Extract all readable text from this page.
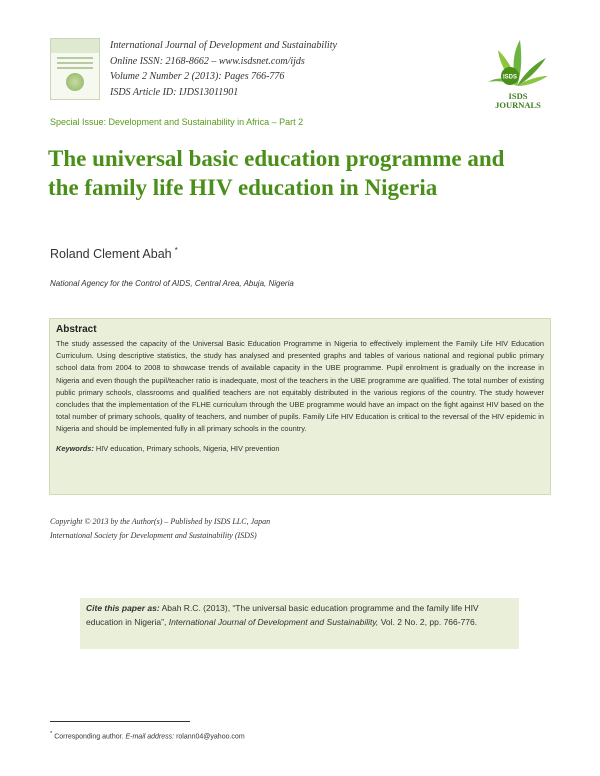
International Journal of Development and Sustainability
Online ISSN: 2168-8662 – www.isdsnet.com/ijds
Volume 2 Number 2 (2013): Pages 766-776
ISDS Article ID: IJDS13011901
ISDS
ISDS
JOURNALS
Special Issue: Development and Sustainability in Africa – Part 2
The universal basic education programme and the family life HIV education in Nigeria
Roland Clement Abah *
National Agency for the Control of AIDS, Central Area, Abuja, Nigeria
Abstract

The study assessed the capacity of the Universal Basic Education Programme in Nigeria to effectively implement the Family Life HIV Education Curriculum. Using descriptive statistics, the study has analysed and presented graphs and tables of various national and regional public primary school data from 2004 to 2008 to showcase trends of available capacity in the UBE programme. Pupil enrolment is gradually on the increase in Nigeria and even though the pupil/teacher ratio is inadequate, most of the teachers in the UBE programme are qualified. The total number of existing public primary schools, classrooms and qualified teachers are not equitably distributed in the various regions of the country. The study however concludes that the implementation of the FLHE curriculum through the UBE programme would have an impact on the fight against HIV based on the total number of primary schools, quality of teachers, and number of pupils. Family Life HIV Education is critical to the reversal of the HIV epidemic in Nigeria and should be implemented fully in all primary schools in the country.

Keywords: HIV education, Primary schools, Nigeria, HIV prevention
Copyright © 2013 by the Author(s) – Published by ISDS LLC, Japan
International Society for Development and Sustainability (ISDS)
Cite this paper as: Abah R.C. (2013), “The universal basic education programme and the family life HIV education in Nigeria”, International Journal of Development and Sustainability, Vol. 2 No. 2, pp. 766-776.
* Corresponding author. E-mail address: rolann04@yahoo.com
